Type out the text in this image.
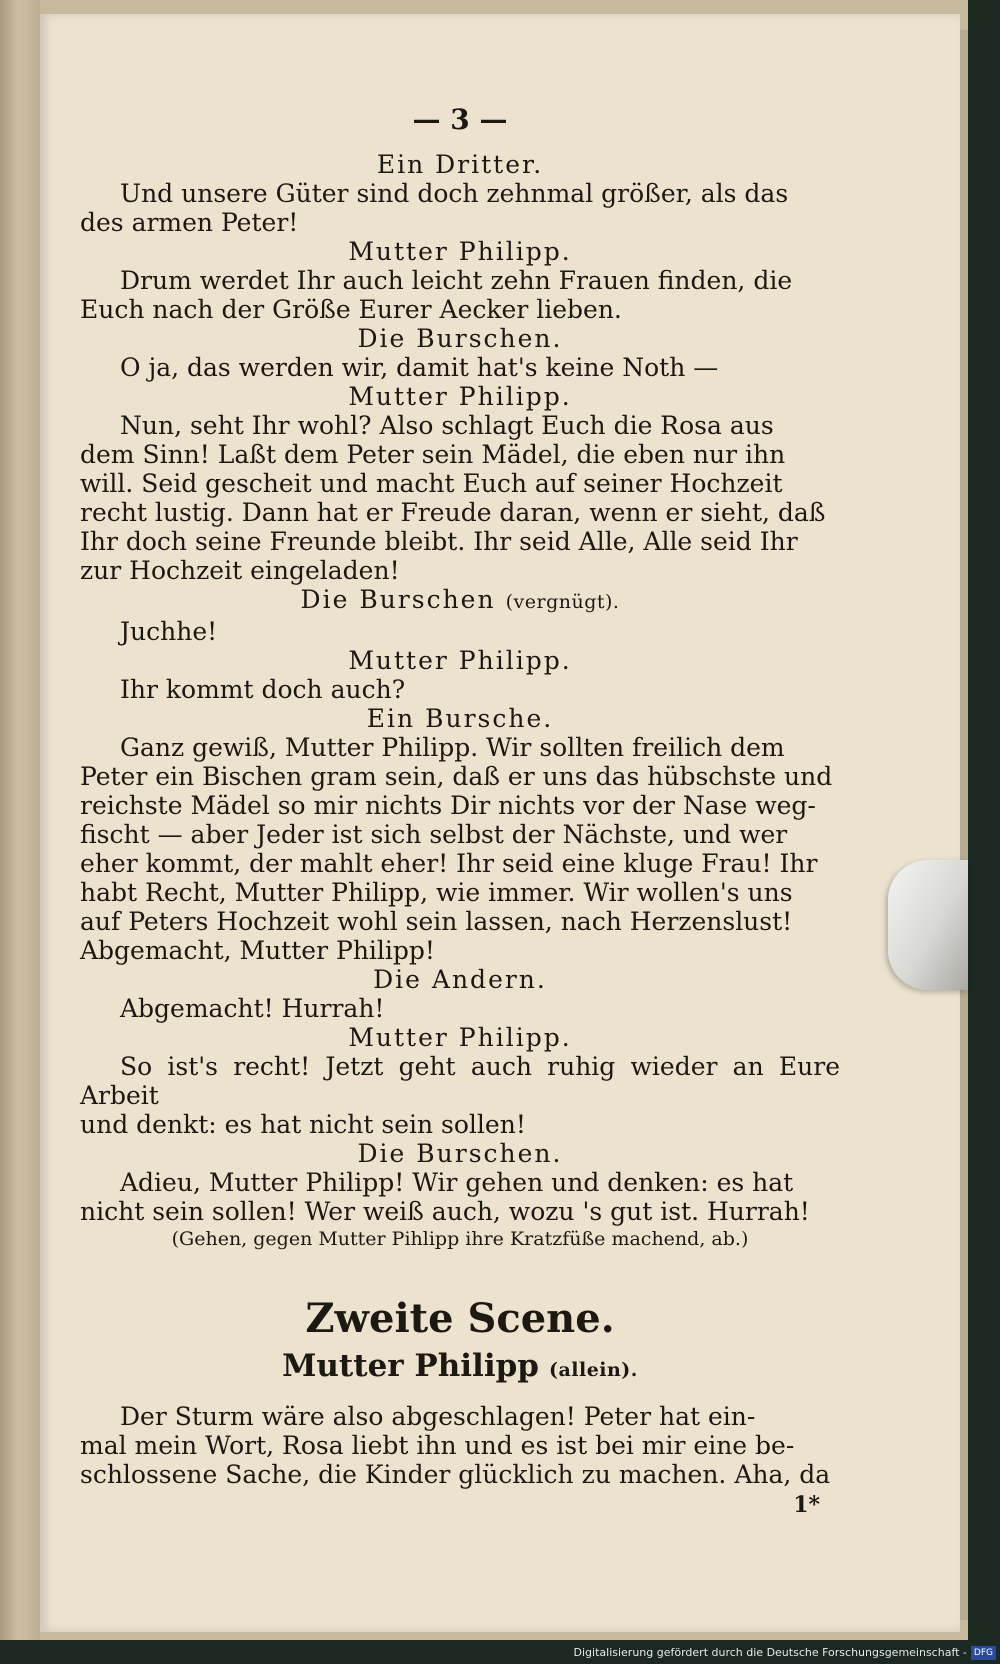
— 3 —
Ein Dritter.
Und unsere Güter sind doch zehnmal größer, als das
des armen Peter!
Mutter Philipp.
Drum werdet Ihr auch leicht zehn Frauen finden, die
Euch nach der Größe Eurer Aecker lieben.
Die Burschen.
O ja, das werden wir, damit hat's keine Noth —
Mutter Philipp.
Nun, seht Ihr wohl? Also schlagt Euch die Rosa aus
dem Sinn! Laßt dem Peter sein Mädel, die eben nur ihn
will. Seid gescheit und macht Euch auf seiner Hochzeit
recht lustig. Dann hat er Freude daran, wenn er sieht, daß
Ihr doch seine Freunde bleibt. Ihr seid Alle, Alle seid Ihr
zur Hochzeit eingeladen!
Die Burschen (vergnügt).
Juchhe!
Mutter Philipp.
Ihr kommt doch auch?
Ein Bursche.
Ganz gewiß, Mutter Philipp. Wir sollten freilich dem
Peter ein Bischen gram sein, daß er uns das hübschste und
reichste Mädel so mir nichts Dir nichts vor der Nase weg-
fischt — aber Jeder ist sich selbst der Nächste, und wer
eher kommt, der mahlt eher! Ihr seid eine kluge Frau! Ihr
habt Recht, Mutter Philipp, wie immer. Wir wollen's uns
auf Peters Hochzeit wohl sein lassen, nach Herzenslust!
Abgemacht, Mutter Philipp!
Die Andern.
Abgemacht! Hurrah!
Mutter Philipp.
So ist's recht! Jetzt geht auch ruhig wieder an Eure Arbeit
und denkt: es hat nicht sein sollen!
Die Burschen.
Adieu, Mutter Philipp! Wir gehen und denken: es hat
nicht sein sollen! Wer weiß auch, wozu 's gut ist. Hurrah!
(Gehen, gegen Mutter Pihlipp ihre Kratzfüße machend, ab.)
Zweite Scene.
Mutter Philipp (allein).
Der Sturm wäre also abgeschlagen! Peter hat ein-
mal mein Wort, Rosa liebt ihn und es ist bei mir eine be-
schlossene Sache, die Kinder glücklich zu machen. Aha, da
1*
Digitalisierung gefördert durch die Deutsche Forschungsgemeinschaft - DFG
